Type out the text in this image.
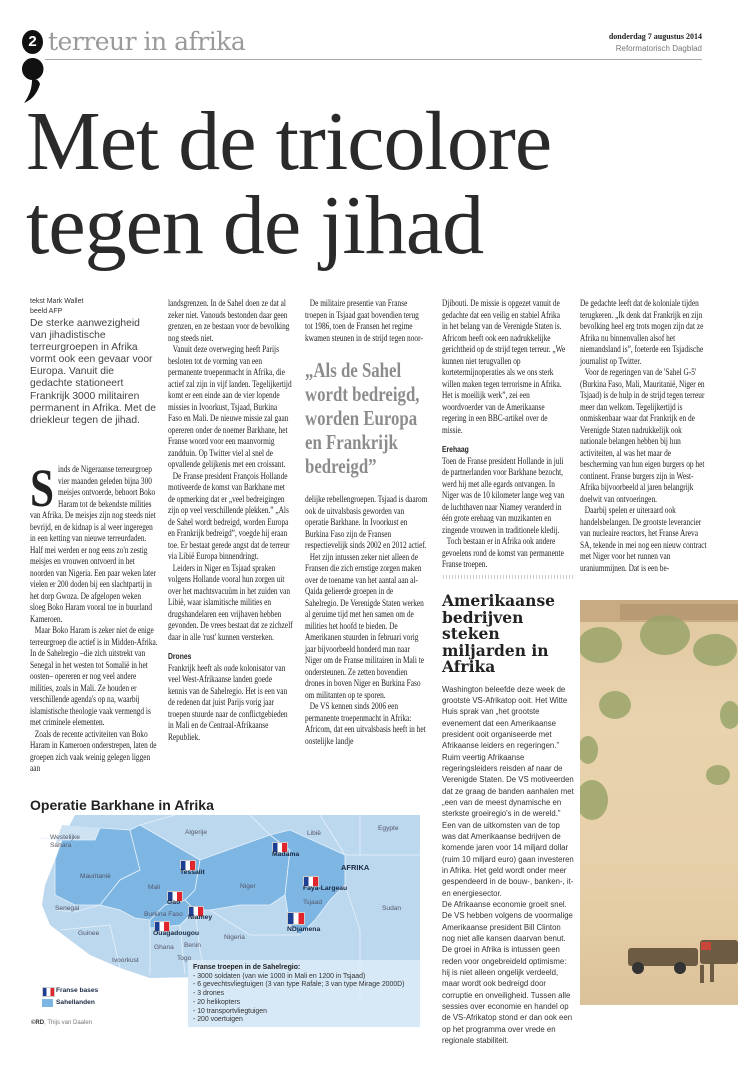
2 terreur in afrika	donderdag 7 augustus 2014
Reformatorisch Dagblad
Met de tricolore
tegen de jihad
tekst Mark Wallet
beeld AFP
De sterke aanwezigheid van jihadistische terreurgroepen in Afrika vormt ook een gevaar voor Europa. Vanuit die gedachte stationeert Frankrijk 3000 militairen permanent in Afrika. Met de driekleur tegen de jihad.
S inds de Nigeraanse terreurgroep vier maanden geleden bijna 300 meisjes ontvoerde, behoort Boko Haram tot de bekendste milities van Afrika. De meisjes zijn nog steeds niet bevrijd, en de kidnap is al weer ingeregen in een ketting van nieuwe terreurdaden. Half mei werden er nog eens zo'n zestig meisjes en vrouwen ontvoerd in het noorden van Nigeria. Een paar weken later vielen er 200 doden bij een slachtpartij in het dorp Gwoza. De afgelopen weken sloeg Boko Haram vooral toe in buurland Kameroen.

Maar Boko Haram is zeker niet de enige terreurgroep die actief is in Midden-Afrika. In de Sahelregio –die zich uitstrekt van Senegal in het westen tot Somalië in het oosten– opereren er nog veel andere milities, zoals in Mali. Ze houden er verschillende agenda's op na, waarbij islamistische theologie vaak vermengd is met criminele elementen.

Zoals de recente activiteiten van Boko Haram in Kameroen onderstrepen, laten de groepen zich vaak weinig gelegen liggen aan

landsgrenzen. In de Sahel doen ze dat al zeker niet. Vanouds bestonden daar geen grenzen, en ze bestaan voor de bevolking nog steeds niet.

Vanuit deze overweging heeft Parijs besloten tot de vorming van een permanente troepenmacht in Afrika, die actief zal zijn in vijf landen. Tegelijkertijd komt er een einde aan de vier lopende missies in Ivoorkust, Tsjaad, Burkina Faso en Mali. De nieuwe missie zal gaan opereren onder de noemer Barkhane, het Franse woord voor een maanvormig zandduin. Op Twitter viel al snel de opvallende gelijkenis met een croissant.

De Franse president François Hollande motiveerde de komst van Barkhane met de opmerking dat er „veel bedreigingen zijn op veel verschillende plekken.” „Als de Sahel wordt bedreigd, worden Europa en Frankrijk bedreigd”, voegde hij eraan toe. Er bestaat gerede angst dat de terreur via Libië Europa binnendringt.

Leiders in Niger en Tsjaad spraken volgens Hollande vooral hun zorgen uit over het machtsvacuüm in het zuiden van Libië, waar islamitische milities en drugshandelaren een vrijhaven hebben gevonden. De vrees bestaat dat ze zichzelf daar in alle 'rust' kunnen versterken.

Drones

Frankrijk heeft als oude kolonisator van veel West-Afrikaanse landen goede kennis van de Sahelregio. Het is een van de redenen dat juist Parijs vorig jaar troepen stuurde naar de conflictgebieden in Mali en de Centraal-Afrikaanse Republiek.

De militaire presentie van Franse troepen in Tsjaad gaat bovendien terug tot 1986, toen de Fransen het regime kwamen steunen in de strijd tegen noor-

„Als de Sahel wordt bedreigd, worden Europa en Frankrijk bedreigd”

delijke rebellengroepen. Tsjaad is daarom ook de uitvalsbasis geworden van operatie Barkhane. In Ivoorkust en Burkina Faso zijn de Fransen respectievelijk sinds 2002 en 2012 actief.

Het zijn intussen zeker niet alleen de Fransen die zich ernstige zorgen maken over de toename van het aantal aan al-Qaida gelieerde groepen in de Sahelregio. De Verenigde Staten werken al geruime tijd met hen samen om de milities het hoofd te bieden. De Amerikanen stuurden in februari vorig jaar bijvoorbeeld honderd man naar Niger om de Franse militairen in Mali te ondersteunen. Ze zetten bovendien drones in boven Niger en Burkina Faso om militanten op te sporen.

De VS kennen sinds 2006 een permanente troepenmacht in Afrika: Africom, dat een uitvalsbasis heeft in het oostelijke landje

Djibouti. De missie is opgezet vanuit de gedachte dat een veilig en stabiel Afrika in het belang van de Verenigde Staten is. Africom heeft ook een nadrukkelijke gerichtheid op de strijd tegen terreur. „We kunnen niet terugvallen op kortetermijnoperaties als we ons sterk willen maken tegen terrorisme in Afrika. Het is moeilijk werk”, zei een woordvoerder van de Amerikaanse regering in een BBC-artikel over de missie.

Erehaag

Toen de Franse president Hollande in juli de partnerlanden voor Barkhane bezocht, werd hij met alle egards ontvangen. In Niger was de 10 kilometer lange weg van de luchthaven naar Niamey veranderd in één grote erehaag van muzikanten en zingende vrouwen in traditionele kledij.

Toch bestaan er in Afrika ook andere gevoelens rond de komst van permanente Franse troepen.

De gedachte leeft dat de koloniale tijden terugkeren. „Ik denk dat Frankrijk en zijn bevolking heel erg trots mogen zijn dat ze Afrika nu binnenvallen alsof het niemandsland is”, foeterde een Tsjadische journalist op Twitter.

Voor de regeringen van de 'Sahel G-5' (Burkina Faso, Mali, Mauritanië, Niger en Tsjaad) is de hulp in de strijd tegen terreur meer dan welkom. Tegelijkertijd is onmiskenbaar waar dat Frankrijk en de Verenigde Staten nadrukkelijk ook nationale belangen hebben bij hun activiteiten, al was het maar de bescherming van hun eigen burgers op het continent. Franse burgers zijn in West-Afrika bijvoorbeeld al jaren belangrijk doelwit van ontvoeringen.

Daarbij spelen er uiteraard ook handelsbelangen. De grootste leverancier van nucleaire reactors, het Franse Areva SA, tekende in mei nog een nieuw contract met Niger voor het runnen van uraniummijnen. Dat is een be-

Amerikaanse bedrijven steken miljarden in Afrika

Washington beleefde deze week de grootste VS-Afrikatop ooit. Het Witte Huis sprak van „het grootste evenement dat een Amerikaanse president ooit organiseerde met Afrikaanse leiders en regeringen.” Ruim veertig Afrikaanse regeringsleiders reisden af naar de Verenigde Staten. De VS motiveerden dat ze graag de banden aanhalen met „een van de meest dynamische en sterkste groeiregio's in de wereld.” Een van de uitkomsten van de top was dat Amerikaanse bedrijven de komende jaren voor 14 miljard dollar (ruim 10 miljard euro) gaan investeren in Afrika. Het geld wordt onder meer gespendeerd in de bouw-, banken-, it- en energiesector.

De Afrikaanse economie groeit snel. De VS hebben volgens de voormalige Amerikaanse president Bill Clinton nog niet alle kansen daarvan benut.

De groei in Afrika is intussen geen reden voor ongebreideld optimisme: hij is niet alleen ongelijk verdeeld, maar wordt ook bedreigd door corruptie en onveiligheid. Tussen alle sessies over economie en handel op de VS-Afrikatop stond er dan ook een op het programma over vrede en regionale stabiliteit.

Operatie Barkhane in Afrika
Westelijke Sahara
Algerije	Libië
Egypte
Mauritanië
Mali	Niger
Tsjaad
Sudan
Senegal
Burkina Faso
Guinee
Nigeria
Ghana Benin
Ivoorkust	Togo
AFRIKA
Tessalit
Gao
Madama
Faya-Largeau
Niamey
Ouagadougou
NDjamena
Franse troepen in de Sahelregio:
- 3000 soldaten (van wie 1000 in Mali en 1200 in Tsjaad)
- 6 gevechtsvliegtuigen (3 van type Rafale; 3 van type Mirage 2000D)
- 3 drones
- 20 helikopters
- 10 transportvliegtuigen
- 200 voertuigen
Franse bases
Sahellanden
©RD, Thijs van Daalen
